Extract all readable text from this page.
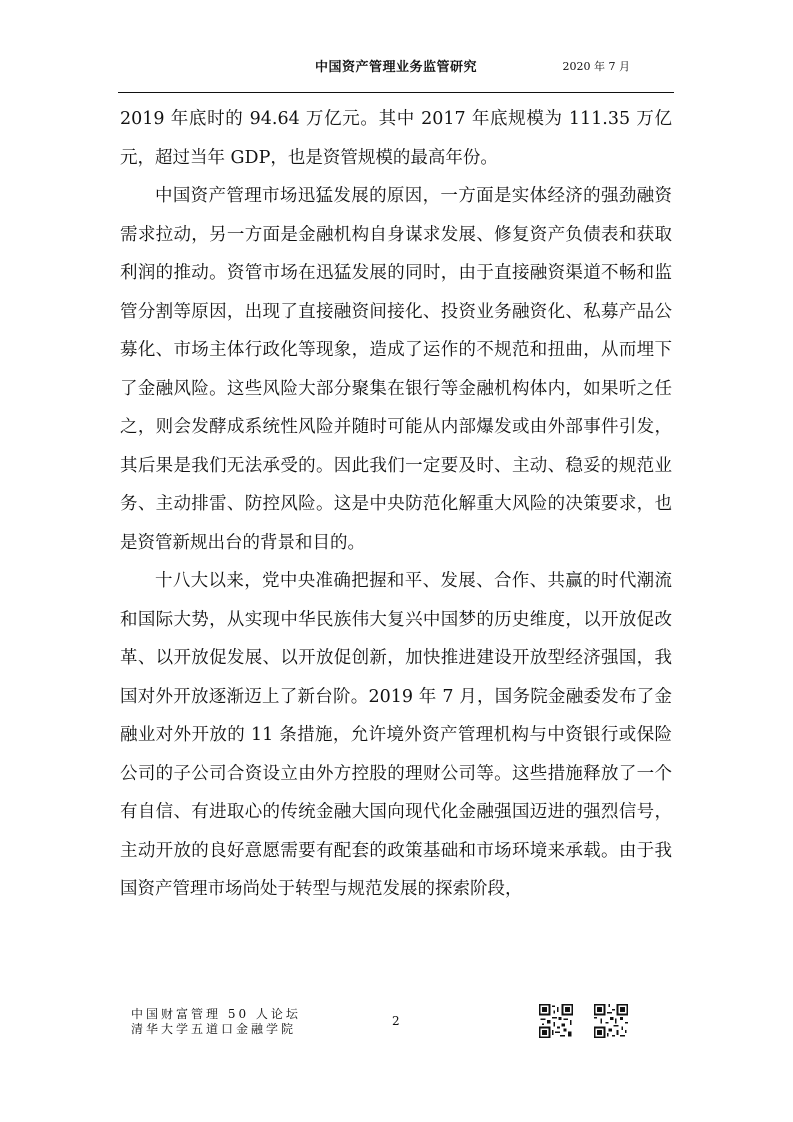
中国资产管理业务监管研究	2020 年 7 月

2019 年底时的 94.64 万亿元。其中 2017 年底规模为 111.35 万亿元，超过当年 GDP，也是资管规模的最高年份。

中国资产管理市场迅猛发展的原因，一方面是实体经济的强劲融资需求拉动，另一方面是金融机构自身谋求发展、修复资产负债表和获取利润的推动。资管市场在迅猛发展的同时，由于直接融资渠道不畅和监管分割等原因，出现了直接融资间接化、投资业务融资化、私募产品公募化、市场主体行政化等现象，造成了运作的不规范和扭曲，从而埋下了金融风险。这些风险大部分聚集在银行等金融机构体内，如果听之任之，则会发酵成系统性风险并随时可能从内部爆发或由外部事件引发，其后果是我们无法承受的。因此我们一定要及时、主动、稳妥的规范业务、主动排雷、防控风险。这是中央防范化解重大风险的决策要求，也是资管新规出台的背景和目的。

十八大以来，党中央准确把握和平、发展、合作、共赢的时代潮流和国际大势，从实现中华民族伟大复兴中国梦的历史维度，以开放促改革、以开放促发展、以开放促创新，加快推进建设开放型经济强国，我国对外开放逐渐迈上了新台阶。2019 年 7 月，国务院金融委发布了金融业对外开放的 11 条措施，允许境外资产管理机构与中资银行或保险公司的子公司合资设立由外方控股的理财公司等。这些措施释放了一个有自信、有进取心的传统金融大国向现代化金融强国迈进的强烈信号，主动开放的良好意愿需要有配套的政策基础和市场环境来承载。由于我国资产管理市场尚处于转型与规范发展的探索阶段，

中国财富管理 50 人论坛
清华大学五道口金融学院
2
